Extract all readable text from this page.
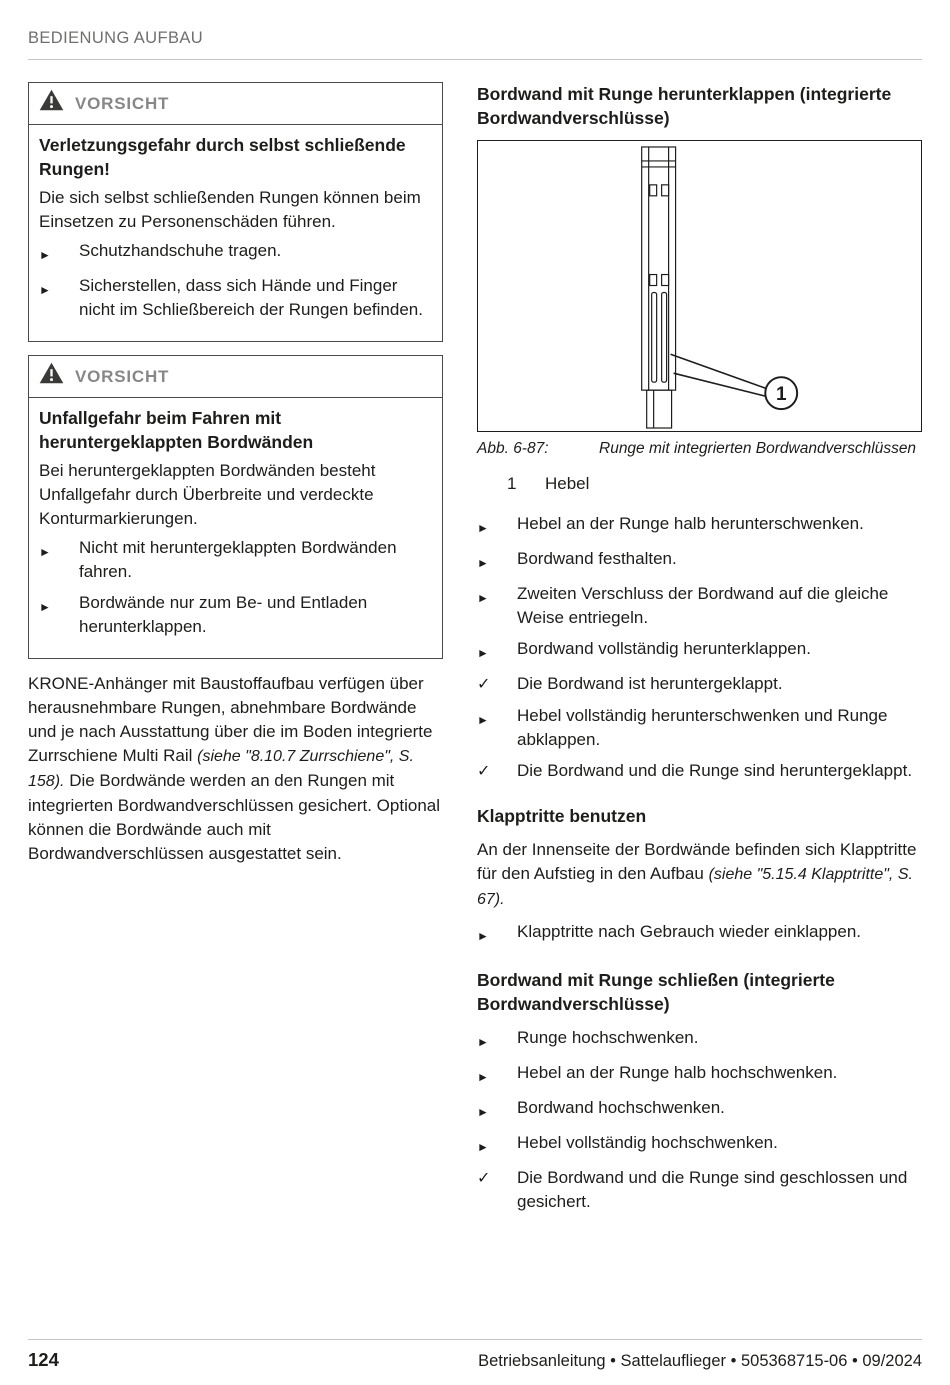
BEDIENUNG AUFBAU
VORSICHT

Verletzungsgefahr durch selbst schließende Rungen!

Die sich selbst schließenden Rungen können beim Einsetzen zu Personenschäden führen.

►	Schutzhandschuhe tragen.
►	Sicherstellen, dass sich Hände und Finger nicht im Schließbereich der Rungen befinden.
VORSICHT

Unfallgefahr beim Fahren mit heruntergeklappten Bordwänden

Bei heruntergeklappten Bordwänden besteht Unfallgefahr durch Überbreite und verdeckte Konturmarkierungen.

►	Nicht mit heruntergeklappten Bordwänden fahren.
►	Bordwände nur zum Be- und Entladen herunterklappen.

KRONE-Anhänger mit Baustoffaufbau verfügen über herausnehmbare Rungen, abnehmbare Bordwände und je nach Ausstattung über die im Boden integrierte Zurrschiene Multi Rail (siehe "8.10.7 Zurrschiene", S. 158). Die Bordwände werden an den Rungen mit integrierten Bordwandverschlüssen gesichert. Optional können die Bordwände auch mit Bordwandverschlüssen ausgestattet sein.

Bordwand mit Runge herunterklappen (integrierte Bordwandverschlüsse)
1
Abb. 6-87:	Runge mit integrierten Bordwandverschlüssen
1	Hebel
►	Hebel an der Runge halb herunterschwenken.
►	Bordwand festhalten.
►	Zweiten Verschluss der Bordwand auf die gleiche Weise entriegeln.
►	Bordwand vollständig herunterklappen.
✓	Die Bordwand ist heruntergeklappt.
►	Hebel vollständig herunterschwenken und Runge abklappen.
✓	Die Bordwand und die Runge sind heruntergeklappt.
Klapptritte benutzen

An der Innenseite der Bordwände befinden sich Klapptritte für den Aufstieg in den Aufbau (siehe "5.15.4 Klapptritte", S. 67).

►	Klapptritte nach Gebrauch wieder einklappen.
Bordwand mit Runge schließen (integrierte Bordwandverschlüsse)
►	Runge hochschwenken.
►	Hebel an der Runge halb hochschwenken.
►	Bordwand hochschwenken.
►	Hebel vollständig hochschwenken.
✓	Die Bordwand und die Runge sind geschlossen und gesichert.
124	Betriebsanleitung • Sattelauflieger • 505368715-06 • 09/2024
